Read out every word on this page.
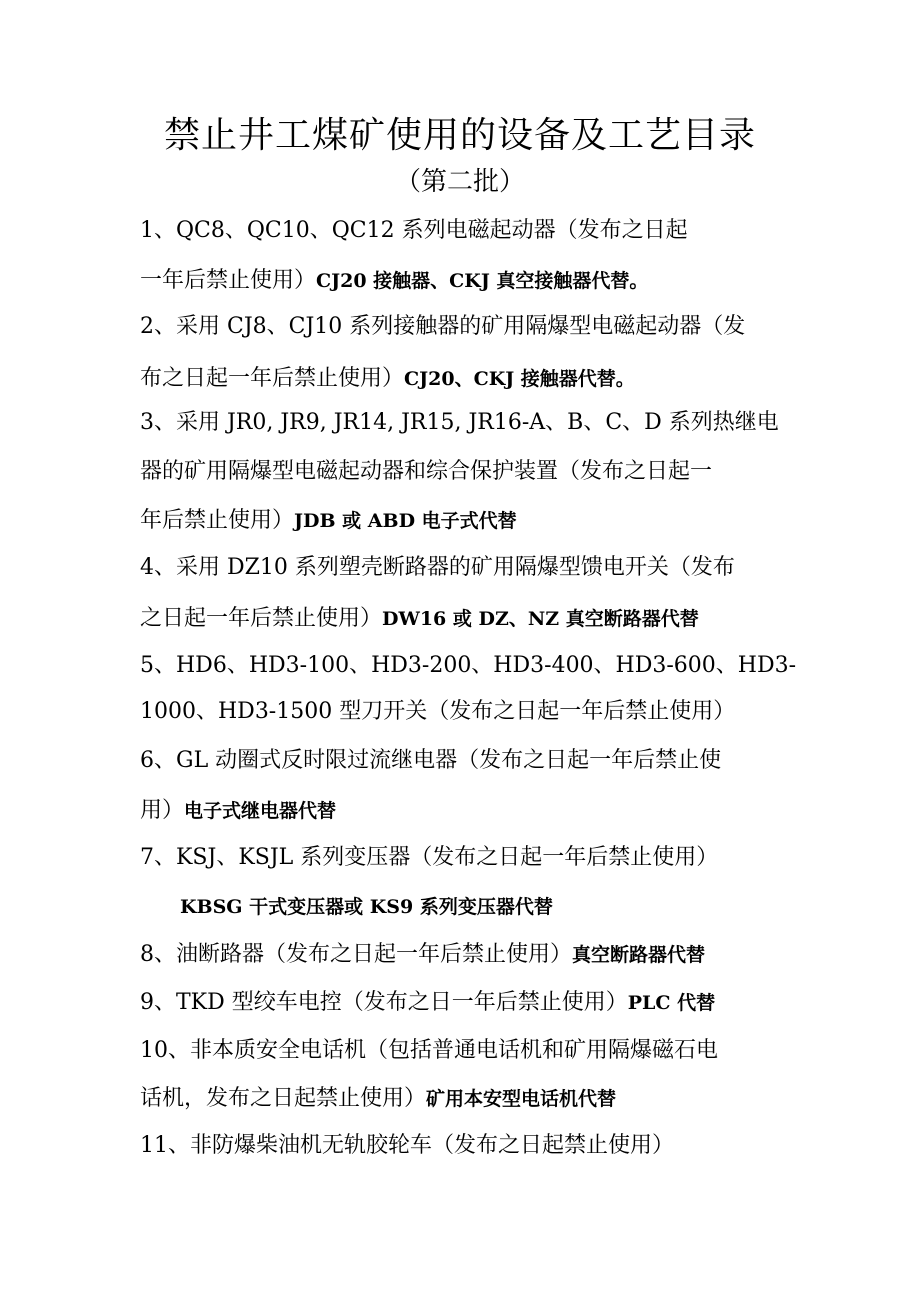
禁止井工煤矿使用的设备及工艺目录
（第二批）
1、QC8、QC10、QC12 系列电磁起动器（发布之日起
一年后禁止使用）CJ20 接触器、CKJ 真空接触器代替。
2、采用 CJ8、CJ10 系列接触器的矿用隔爆型电磁起动器（发
布之日起一年后禁止使用）CJ20、CKJ 接触器代替。
3、采用 JR0, JR9, JR14, JR15, JR16-A、B、C、D 系列热继电
器的矿用隔爆型电磁起动器和综合保护装置（发布之日起一
年后禁止使用）JDB 或 ABD 电子式代替
4、采用 DZ10 系列塑壳断路器的矿用隔爆型馈电开关（发布
之日起一年后禁止使用）DW16 或 DZ、NZ 真空断路器代替
5、HD6、HD3-100、HD3-200、HD3-400、HD3-600、HD3-
1000、HD3-1500 型刀开关（发布之日起一年后禁止使用）
6、GL 动圈式反时限过流继电器（发布之日起一年后禁止使
用）电子式继电器代替
7、KSJ、KSJL 系列变压器（发布之日起一年后禁止使用）
KBSG 干式变压器或 KS9 系列变压器代替
8、油断路器（发布之日起一年后禁止使用）真空断路器代替
9、TKD 型绞车电控（发布之日一年后禁止使用）PLC 代替
10、非本质安全电话机（包括普通电话机和矿用隔爆磁石电
话机，发布之日起禁止使用）矿用本安型电话机代替
11、非防爆柴油机无轨胶轮车（发布之日起禁止使用）
